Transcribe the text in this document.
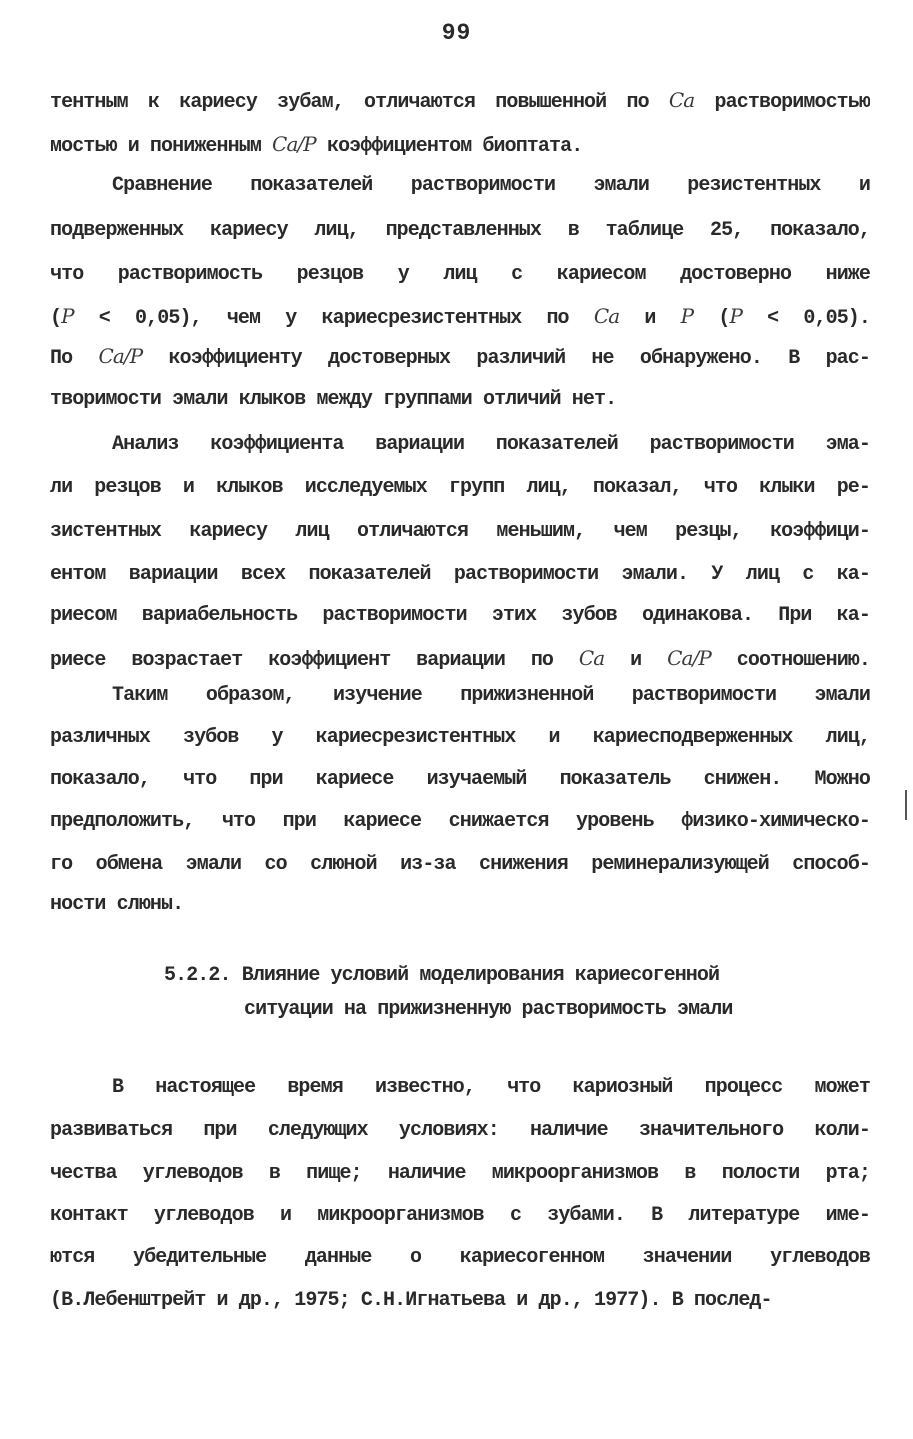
99
тентным к кариесу зубам, отличаются повышенной по Ca растворимостью
мостью и пониженным Ca/P коэффициентом биоптата.
Сравнение показателей растворимости эмали резистентных и
подверженных кариесу лиц, представленных в таблице 25, показало,
что растворимость резцов у лиц с кариесом достоверно ниже
(P < 0,05), чем у кариесрезистентных по Ca и P (P < 0,05).
По Ca/P коэффициенту достоверных различий не обнаружено. В рас-
творимости эмали клыков между группами отличий нет.
Анализ коэффициента вариации показателей растворимости эма-
ли резцов и клыков исследуемых групп лиц, показал, что клыки ре-
зистентных кариесу лиц отличаются меньшим, чем резцы, коэффици-
ентом вариации всех показателей растворимости эмали. У лиц с ка-
риесом вариабельность растворимости этих зубов одинакова. При ка-
риесе возрастает коэффициент вариации по Ca и Ca/P соотношению.
Таким образом, изучение прижизненной растворимости эмали
различных зубов у кариесрезистентных и кариесподверженных лиц,
показало, что при кариесе изучаемый показатель снижен. Можно
предположить, что при кариесе снижается уровень физико-химическо-
го обмена эмали со слюной из-за снижения реминерализующей способ-
ности слюны.
В настоящее время известно, что кариозный процесс может
развиваться при следующих условиях: наличие значительного коли-
чества углеводов в пище; наличие микроорганизмов в полости рта;
контакт углеводов и микроорганизмов с зубами. В литературе име-
ются убедительные данные о кариесогенном значении углеводов
(В.Лебенштрейт и др., 1975; С.Н.Игнатьева и др., 1977). В послед-
5.2.2. Влияние условий моделирования кариесогенной
ситуации на прижизненную растворимость эмали
